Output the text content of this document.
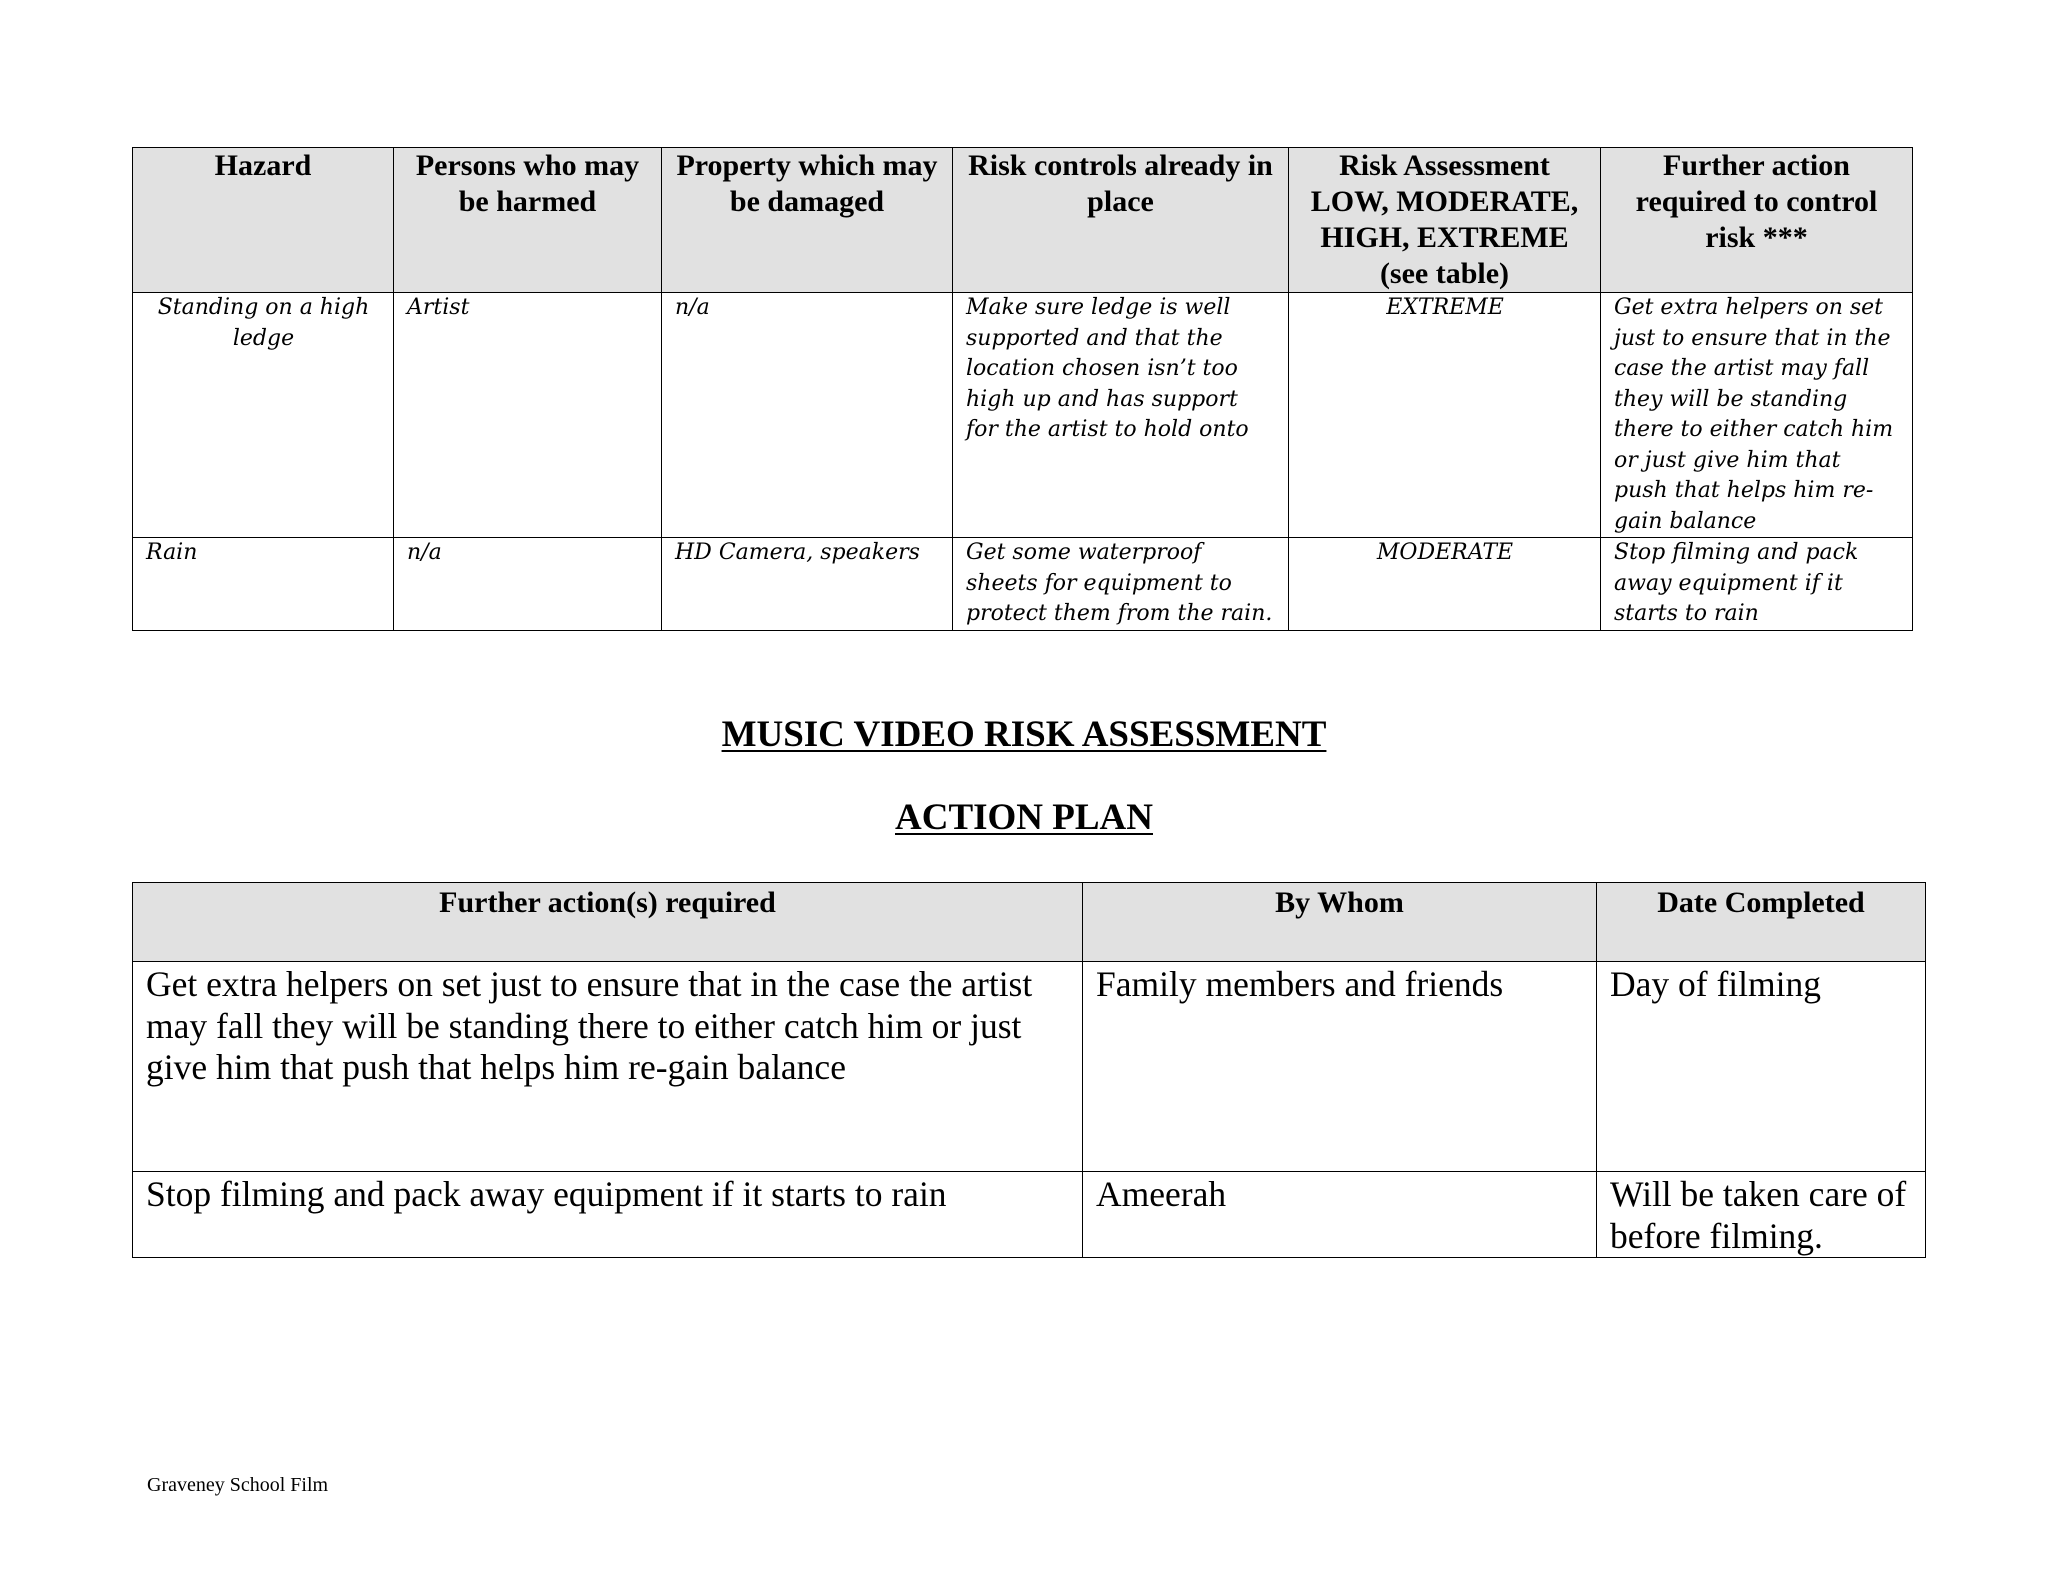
Hazard	Persons who may be harmed	Property which may be damaged	Risk controls already in place	Risk Assessment LOW, MODERATE, HIGH, EXTREME (see table)	Further action required to control risk ***
Standing on a high ledge	Artist	n/a	Make sure ledge is well supported and that the location chosen isn’t too high up and has support for the artist to hold onto	EXTREME	Get extra helpers on set just to ensure that in the case the artist may fall they will be standing there to either catch him or just give him that push that helps him re-gain balance
Rain	n/a	HD Camera, speakers	Get some waterproof sheets for equipment to protect them from the rain.	MODERATE	Stop filming and pack away equipment if it starts to rain
MUSIC VIDEO RISK ASSESSMENT
ACTION PLAN
Further action(s) required	By Whom	Date Completed
Get extra helpers on set just to ensure that in the case the artist may fall they will be standing there to either catch him or just give him that push that helps him re-gain balance	Family members and friends	Day of filming
Stop filming and pack away equipment if it starts to rain	Ameerah	Will be taken care of before filming.
Graveney School Film
